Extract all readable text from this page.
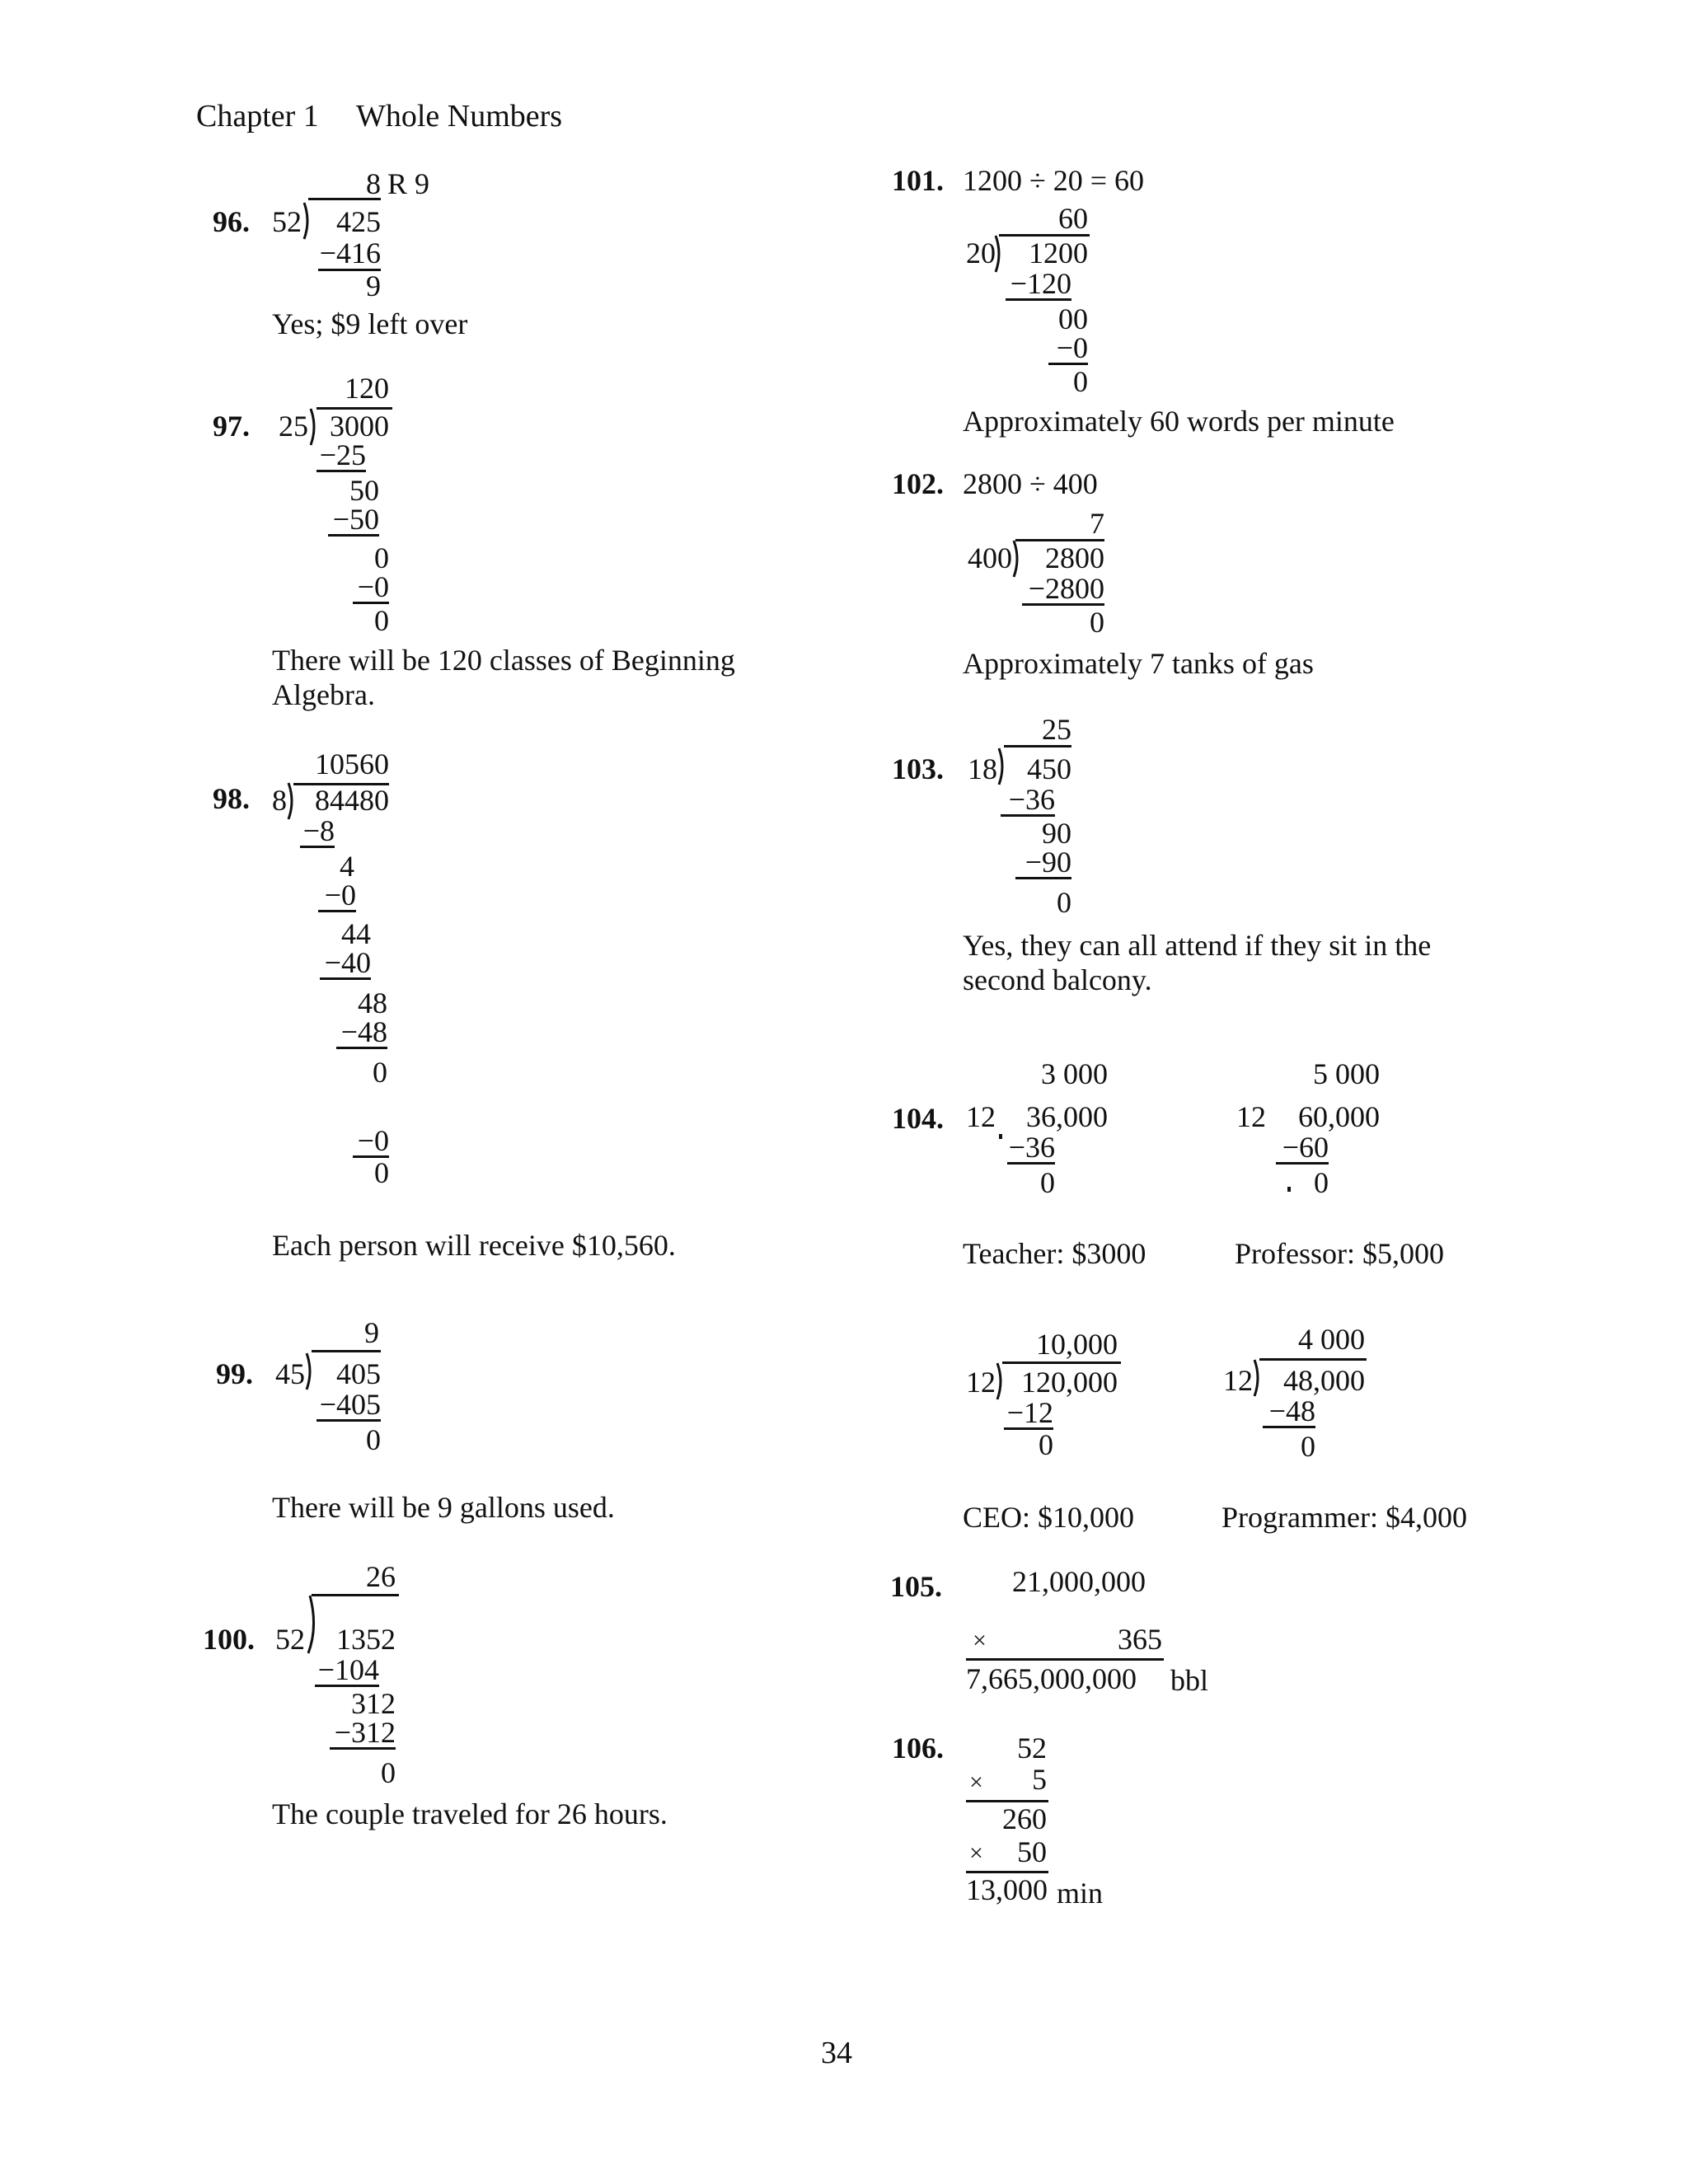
Chapter 1 Whole Numbers
96. 52
8 R 9
425
−416
9
Yes; $9 left over
120
97. 25 3000
−25
50
−50
0
−0
0
There will be 120 classes of Beginning
Algebra.
10560
98. 8 84480
−8
4
−0
44
−40
48
−48
0
−0
0
Each person will receive $10,560.
9
99. 45	405
−405
0
There will be 9 gallons used.
26
100. 52	1352
−104
312
−312
0
The couple traveled for 26 hours.
101. 1200 ÷ 20 = 60
60
20	1200
−120
00
−0
0
Approximately 60 words per minute
102. 2800 ÷ 400
7
400	2800
−2800
0
Approximately 7 tanks of gas
25
103. 18	450
−36
90
−90
0
Yes, they can all attend if they sit in the
second balcony.
104.
3 000
12	36,000
−36
0
Teacher: $3000
5 000
12	60,000
−60
0
Professor: $5,000
10,000
12 120,000
−12
0
CEO: $10,000
4 000
12	48,000
−48
0
Programmer: $4,000
105. 21,000,000
×	365
7,665,000,000 bbl
106.	52
×	5
260
×	50
13,000 min
34
